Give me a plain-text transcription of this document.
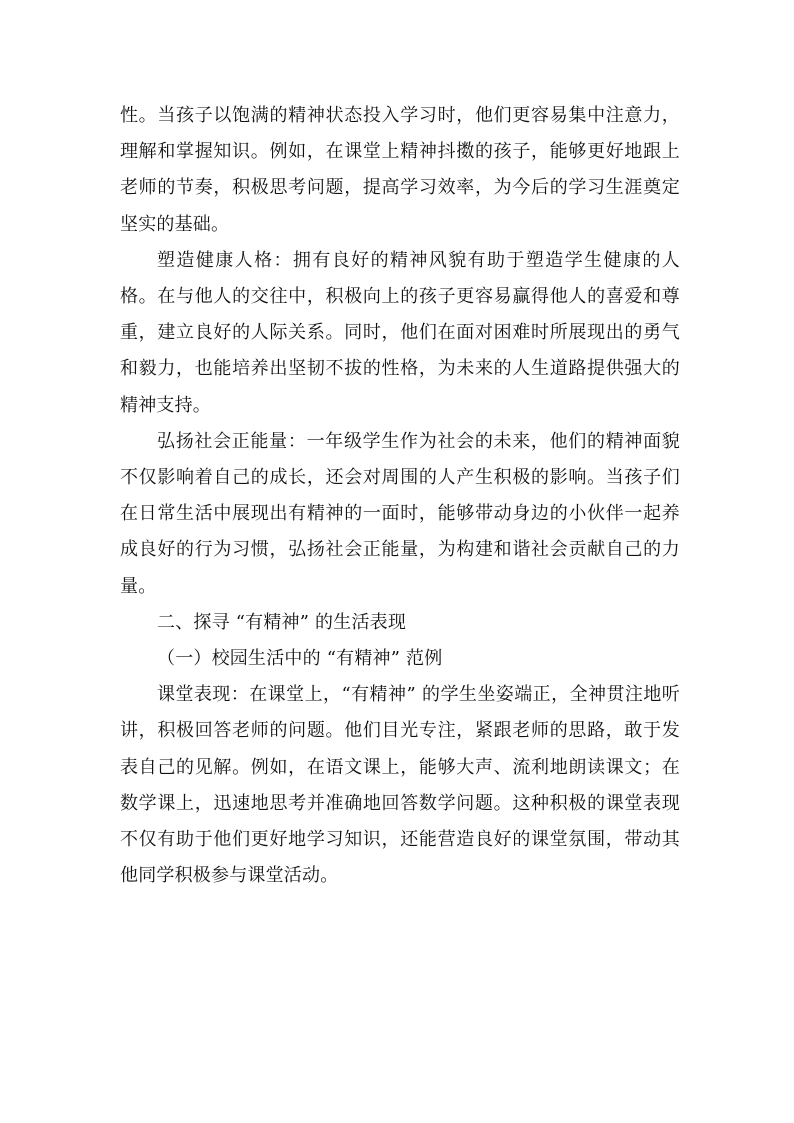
性。当孩子以饱满的精神状态投入学习时，他们更容易集中注意力，理解和掌握知识。例如，在课堂上精神抖擞的孩子，能够更好地跟上老师的节奏，积极思考问题，提高学习效率，为今后的学习生涯奠定坚实的基础。

塑造健康人格：拥有良好的精神风貌有助于塑造学生健康的人格。在与他人的交往中，积极向上的孩子更容易赢得他人的喜爱和尊重，建立良好的人际关系。同时，他们在面对困难时所展现出的勇气和毅力，也能培养出坚韧不拔的性格，为未来的人生道路提供强大的精神支持。

弘扬社会正能量：一年级学生作为社会的未来，他们的精神面貌不仅影响着自己的成长，还会对周围的人产生积极的影响。当孩子们在日常生活中展现出有精神的一面时，能够带动身边的小伙伴一起养成良好的行为习惯，弘扬社会正能量，为构建和谐社会贡献自己的力量。

二、探寻 “有精神” 的生活表现

（一）校园生活中的 “有精神” 范例

课堂表现：在课堂上，“有精神” 的学生坐姿端正，全神贯注地听讲，积极回答老师的问题。他们目光专注，紧跟老师的思路，敢于发表自己的见解。例如，在语文课上，能够大声、流利地朗读课文；在数学课上，迅速地思考并准确地回答数学问题。这种积极的课堂表现不仅有助于他们更好地学习知识，还能营造良好的课堂氛围，带动其他同学积极参与课堂活动。
